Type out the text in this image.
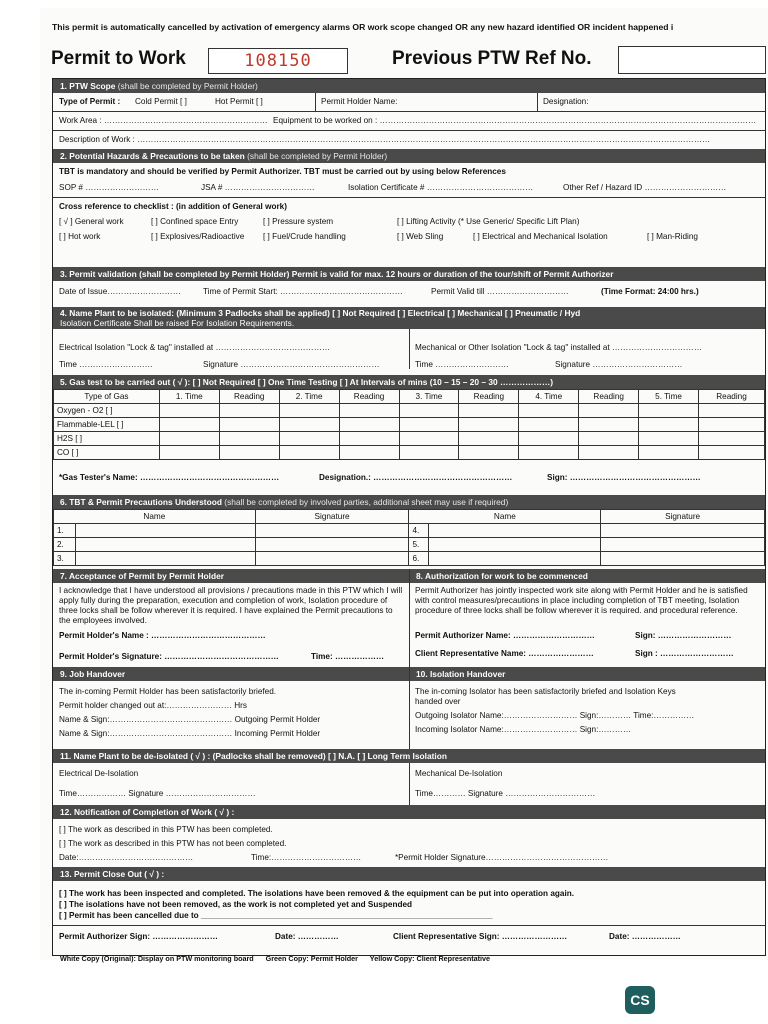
This permit is automatically cancelled by activation of emergency alarms OR work scope changed OR any new hazard identified OR incident happened i
Permit to Work	108150	Previous PTW Ref No.
1. PTW Scope (shall be completed by Permit Holder)
Type of Permit : Cold Permit [ ]	Hot Permit [ ]	Permit Holder Name:	Designation:
Work Area : …………………………………………………… Equipment to be worked on : …………………………………………………………………………………………………………………………
Description of Work : …………………………………………………………………………………………………………………………………………………………………………………………
2. Potential Hazards & Precautions to be taken (shall be completed by Permit Holder)
TBT is mandatory and should be verified by Permit Authorizer. TBT must be carried out by using below References
SOP # ………………………	JSA # ……………………………	Isolation Certificate # …………………………………	Other Ref / Hazard ID …………………………
Cross reference to checklist : (in addition of General work)
[ √ ] General work	[ ] Confined space Entry	[ ] Pressure system	[ ] Lifting Activity (* Use Generic/ Specific Lift Plan)
[ ] Hot work	[ ] Explosives/Radioactive [ ] Fuel/Crude handling	[ ] Web Sling	[ ] Electrical and Mechanical Isolation	[ ] Man-Riding
3. Permit validation (shall be completed by Permit Holder) Permit is valid for max. 12 hours or duration of the tour/shift of Permit Authorizer
Date of Issue………………………	Time of Permit Start: ………………………………………	Permit Valid till …………………………	(Time Format: 24:00 hrs.)
4. Name Plant to be isolated: (Minimum 3 Padlocks shall be applied) [ ] Not Required [ ] Electrical [ ] Mechanical [ ] Pneumatic / Hyd
Isolation Certificate Shall be raised For Isolation Requirements.
Electrical Isolation "Lock & tag" installed at ……………………………………
Time ………………………	Signature ……………………………………………
Mechanical or Other Isolation "Lock & tag" installed at ……………………………
Time ………………………	Signature ……………………………
5. Gas test to be carried out ( √ ): [ ] Not Required [ ] One Time Testing [ ] At Intervals of mins (10 – 15 – 20 – 30 ………………)
Type of Gas	1. Time	Reading	2. Time	Reading	3. Time	Reading	4. Time	Reading	5. Time	Reading
Oxygen - O2 [ ]										
Flammable-LEL [ ]										
H2S [ ]										
CO [ ]										
*Gas Tester's Name: ……………………………………………	Designation.: ……………………………………………	Sign: …………………………………………
6. TBT & Permit Precautions Understood (shall be completed by involved parties, additional sheet may use if required)
Name		Signature	Name		Signature
1.			4.		
2.			5.		
3.			6.		
7. Acceptance of Permit by Permit Holder	8. Authorization for work to be commenced
I acknowledge that I have understood all provisions / precautions made in this PTW which I will apply fully during the preparation, execution and completion of work, Isolation procedure of three locks shall be follow wherever it is required. I have explained the Permit precautions to the employees involved.
Permit Holder's Name : ……………………………………
Permit Holder's Signature: ……………………………………	Time: ………………
Permit Authorizer has jointly inspected work site along with Permit Holder and he is satisfied with control measures/precautions in place including completion of TBT meeting, Isolation procedure of three locks shall be follow wherever it is required. and procedural reference.
Permit Authorizer Name: …………………………	Sign: ………………………
Client Representative Name: ……………………	Sign : ………………………
9. Job Handover	10. Isolation Handover
The in-coming Permit Holder has been satisfactorily briefed.
Permit holder changed out at:…………………… Hrs
Name & Sign:……………………………………… Outgoing Permit Holder
Name & Sign:……………………………………… Incoming Permit Holder
The in-coming Isolator has been satisfactorily briefed and Isolation Keys
handed over
Outgoing Isolator Name:……………………… Sign:………… Time:……………
Incoming Isolator Name:……………………… Sign:…………
11. Name Plant to be de-isolated ( √ ) : (Padlocks shall be removed) [ ] N.A. [ ] Long Term Isolation
Electrical De-Isolation
Time……………… Signature ……………………………
Mechanical De-Isolation
Time………… Signature ……………………………
12. Notification of Completion of Work ( √ ) :
[ ] The work as described in this PTW has been completed.
[ ] The work as described in this PTW has not been completed.
Date:……………………………………	Time:……………………………	*Permit Holder Signature………………………………………
13. Permit Close Out ( √ ) :
[ ] The work has been inspected and completed. The isolations have been removed & the equipment can be put into operation again.
[ ] The isolations have not been removed, as the work is not completed yet and Suspended
[ ] Permit has been cancelled due to ________________________________________________________________
Permit Authorizer Sign: ……………………	Date: ……………	Client Representative Sign: ……………………	Date: ………………
White Copy (Original): Display on PTW monitoring board Green Copy: Permit Holder Yellow Copy: Client Representative
CS
